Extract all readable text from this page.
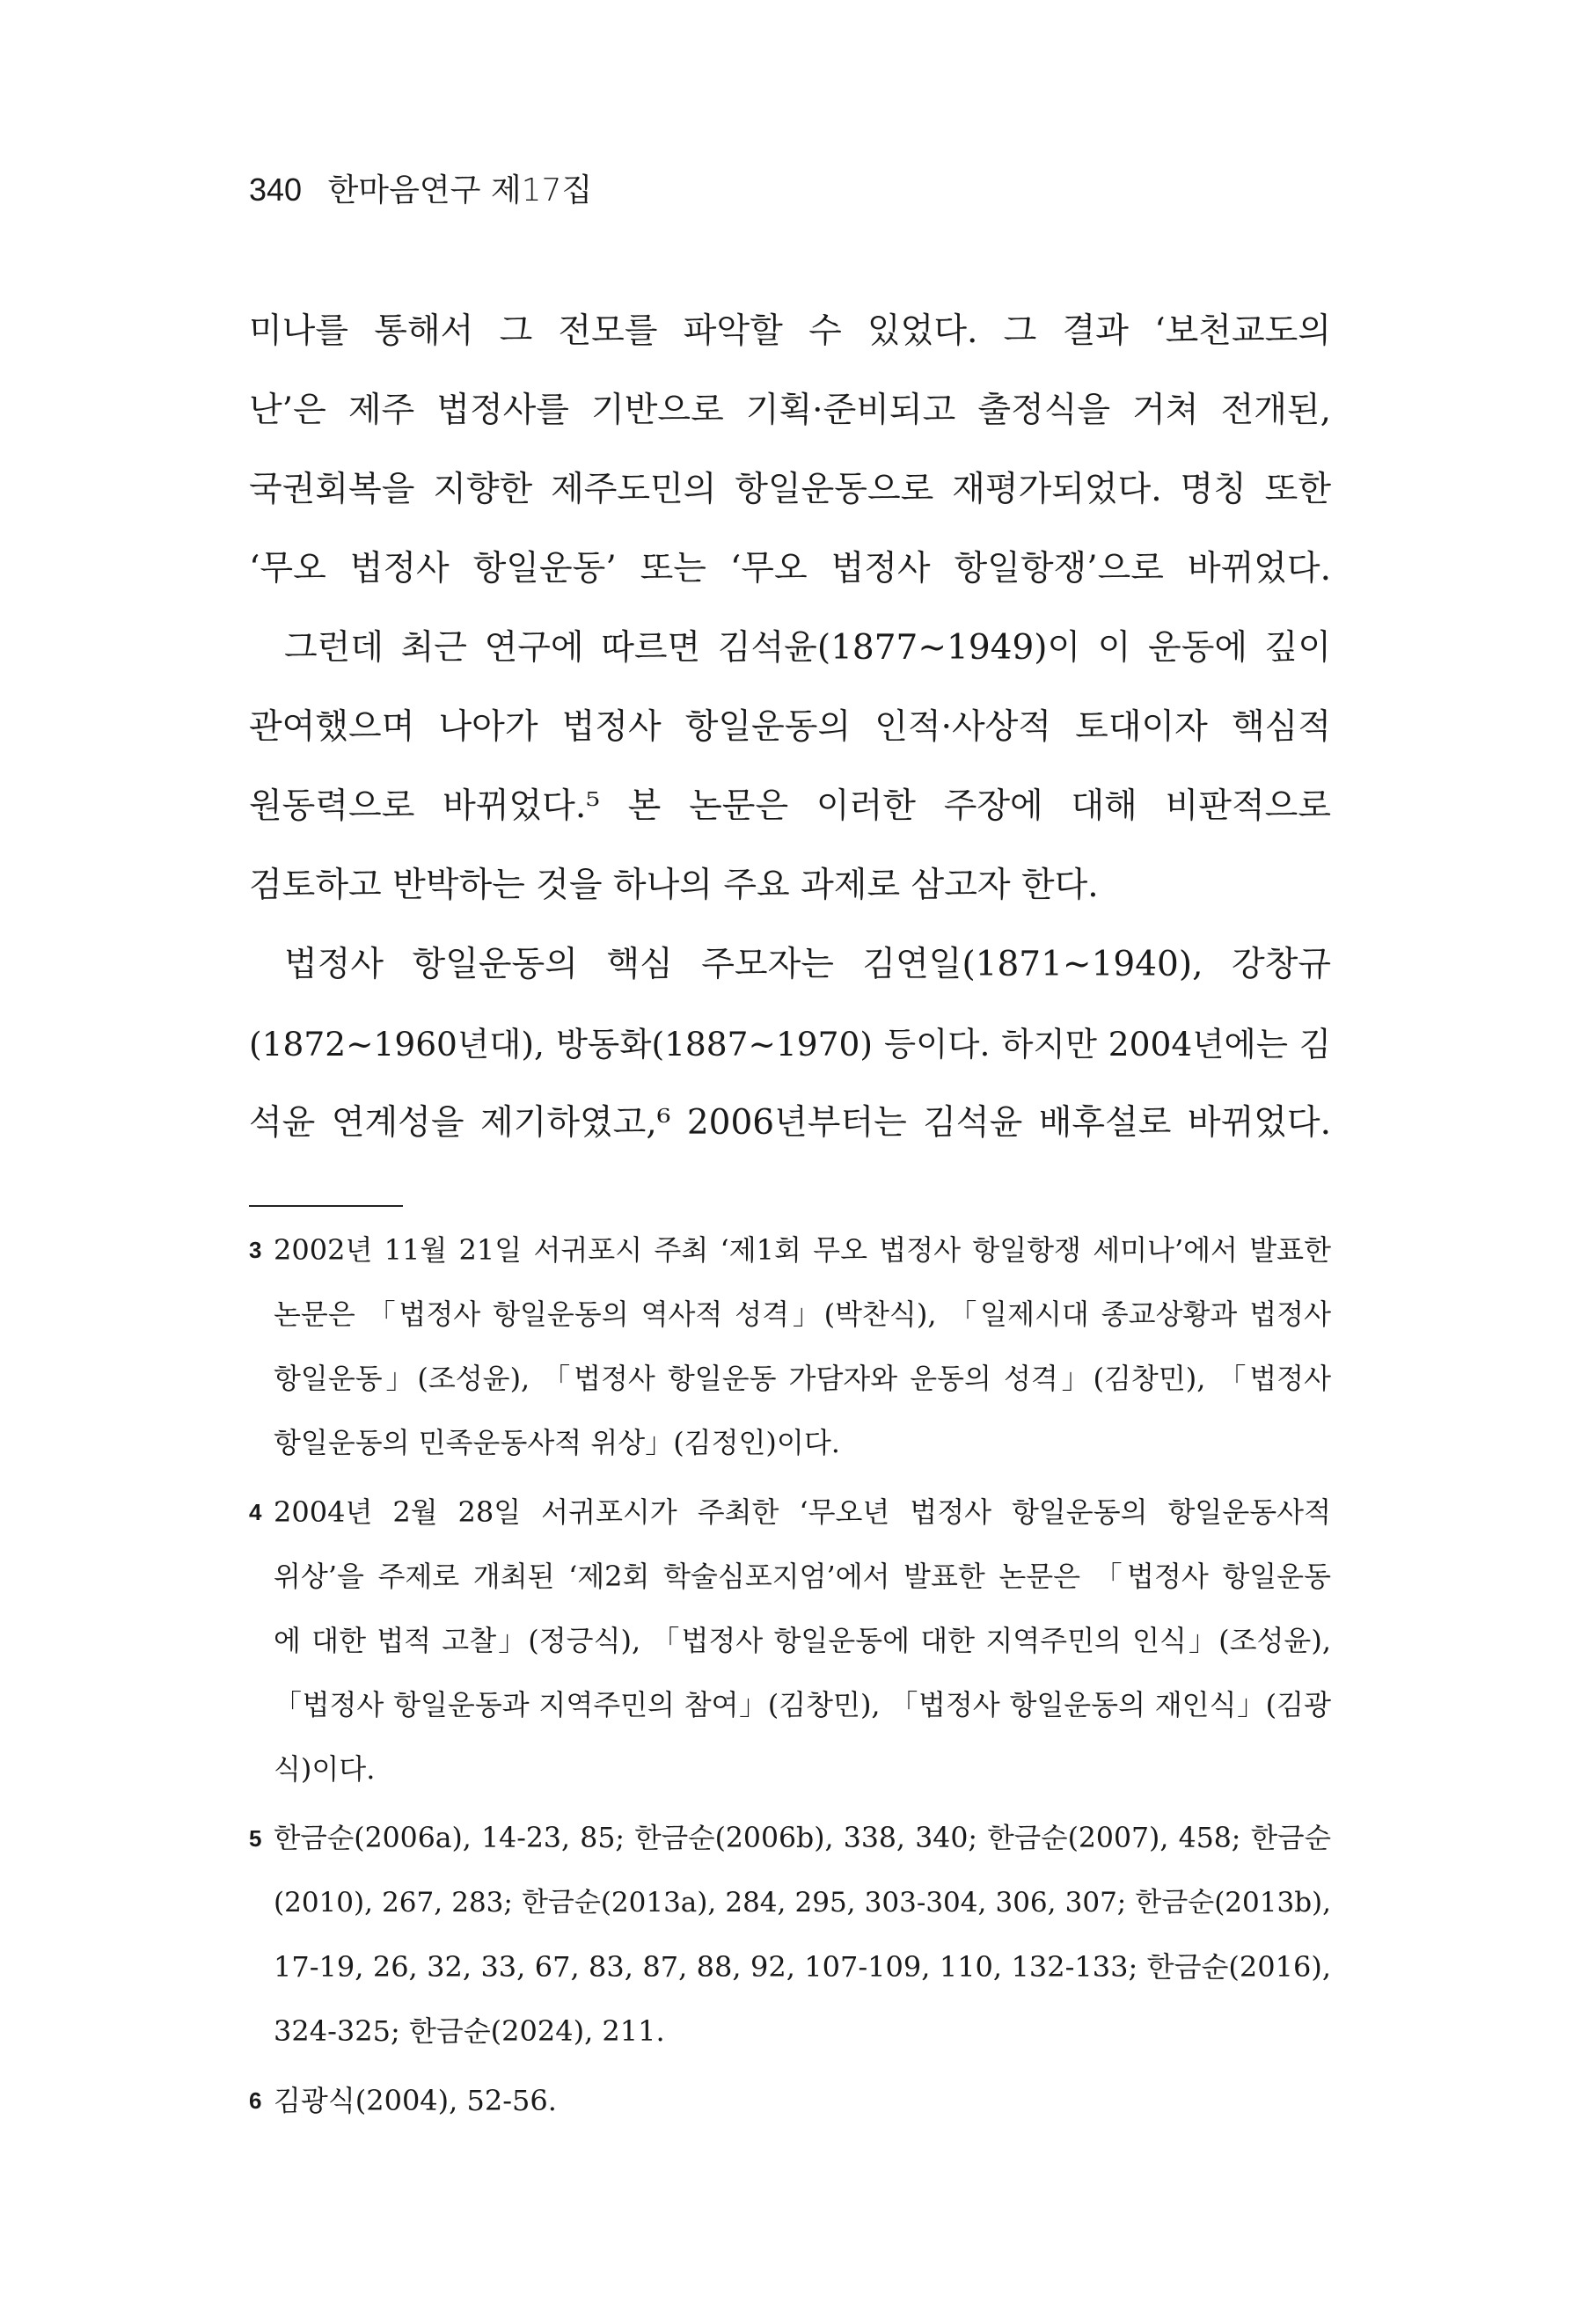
340 한마음연구 제17집
미나를 통해서 그 전모를 파악할 수 있었다. 그 결과 ‘보천교도의
난’은 제주 법정사를 기반으로 기획·준비되고 출정식을 거쳐 전개된,
국권회복을 지향한 제주도민의 항일운동으로 재평가되었다. 명칭 또한
‘무오 법정사 항일운동’ 또는 ‘무오 법정사 항일항쟁’으로 바뀌었다.
그런데 최근 연구에 따르면 김석윤(1877~1949)이 이 운동에 깊이
관여했으며 나아가 법정사 항일운동의 인적·사상적 토대이자 핵심적
원동력으로 바뀌었다.⁵ 본 논문은 이러한 주장에 대해 비판적으로
검토하고 반박하는 것을 하나의 주요 과제로 삼고자 한다.
법정사 항일운동의 핵심 주모자는 김연일(1871~1940), 강창규
(1872~1960년대), 방동화(1887~1970) 등이다. 하지만 2004년에는 김
석윤 연계성을 제기하였고,⁶ 2006년부터는 김석윤 배후설로 바뀌었다.
3 2002년 11월 21일 서귀포시 주최 ‘제1회 무오 법정사 항일항쟁 세미나’에서 발표한
논문은 「법정사 항일운동의 역사적 성격」(박찬식), 「일제시대 종교상황과 법정사
항일운동」(조성윤), 「법정사 항일운동 가담자와 운동의 성격」(김창민), 「법정사
항일운동의 민족운동사적 위상」(김정인)이다.
4 2004년 2월 28일 서귀포시가 주최한 ‘무오년 법정사 항일운동의 항일운동사적
위상’을 주제로 개최된 ‘제2회 학술심포지엄’에서 발표한 논문은 「법정사 항일운동
에 대한 법적 고찰」(정긍식), 「법정사 항일운동에 대한 지역주민의 인식」(조성윤),
「법정사 항일운동과 지역주민의 참여」(김창민), 「법정사 항일운동의 재인식」(김광
식)이다.
5 한금순(2006a), 14-23, 85; 한금순(2006b), 338, 340; 한금순(2007), 458; 한금순
(2010), 267, 283; 한금순(2013a), 284, 295, 303-304, 306, 307; 한금순(2013b),
17-19, 26, 32, 33, 67, 83, 87, 88, 92, 107-109, 110, 132-133; 한금순(2016),
324-325; 한금순(2024), 211.
6 김광식(2004), 52-56.
